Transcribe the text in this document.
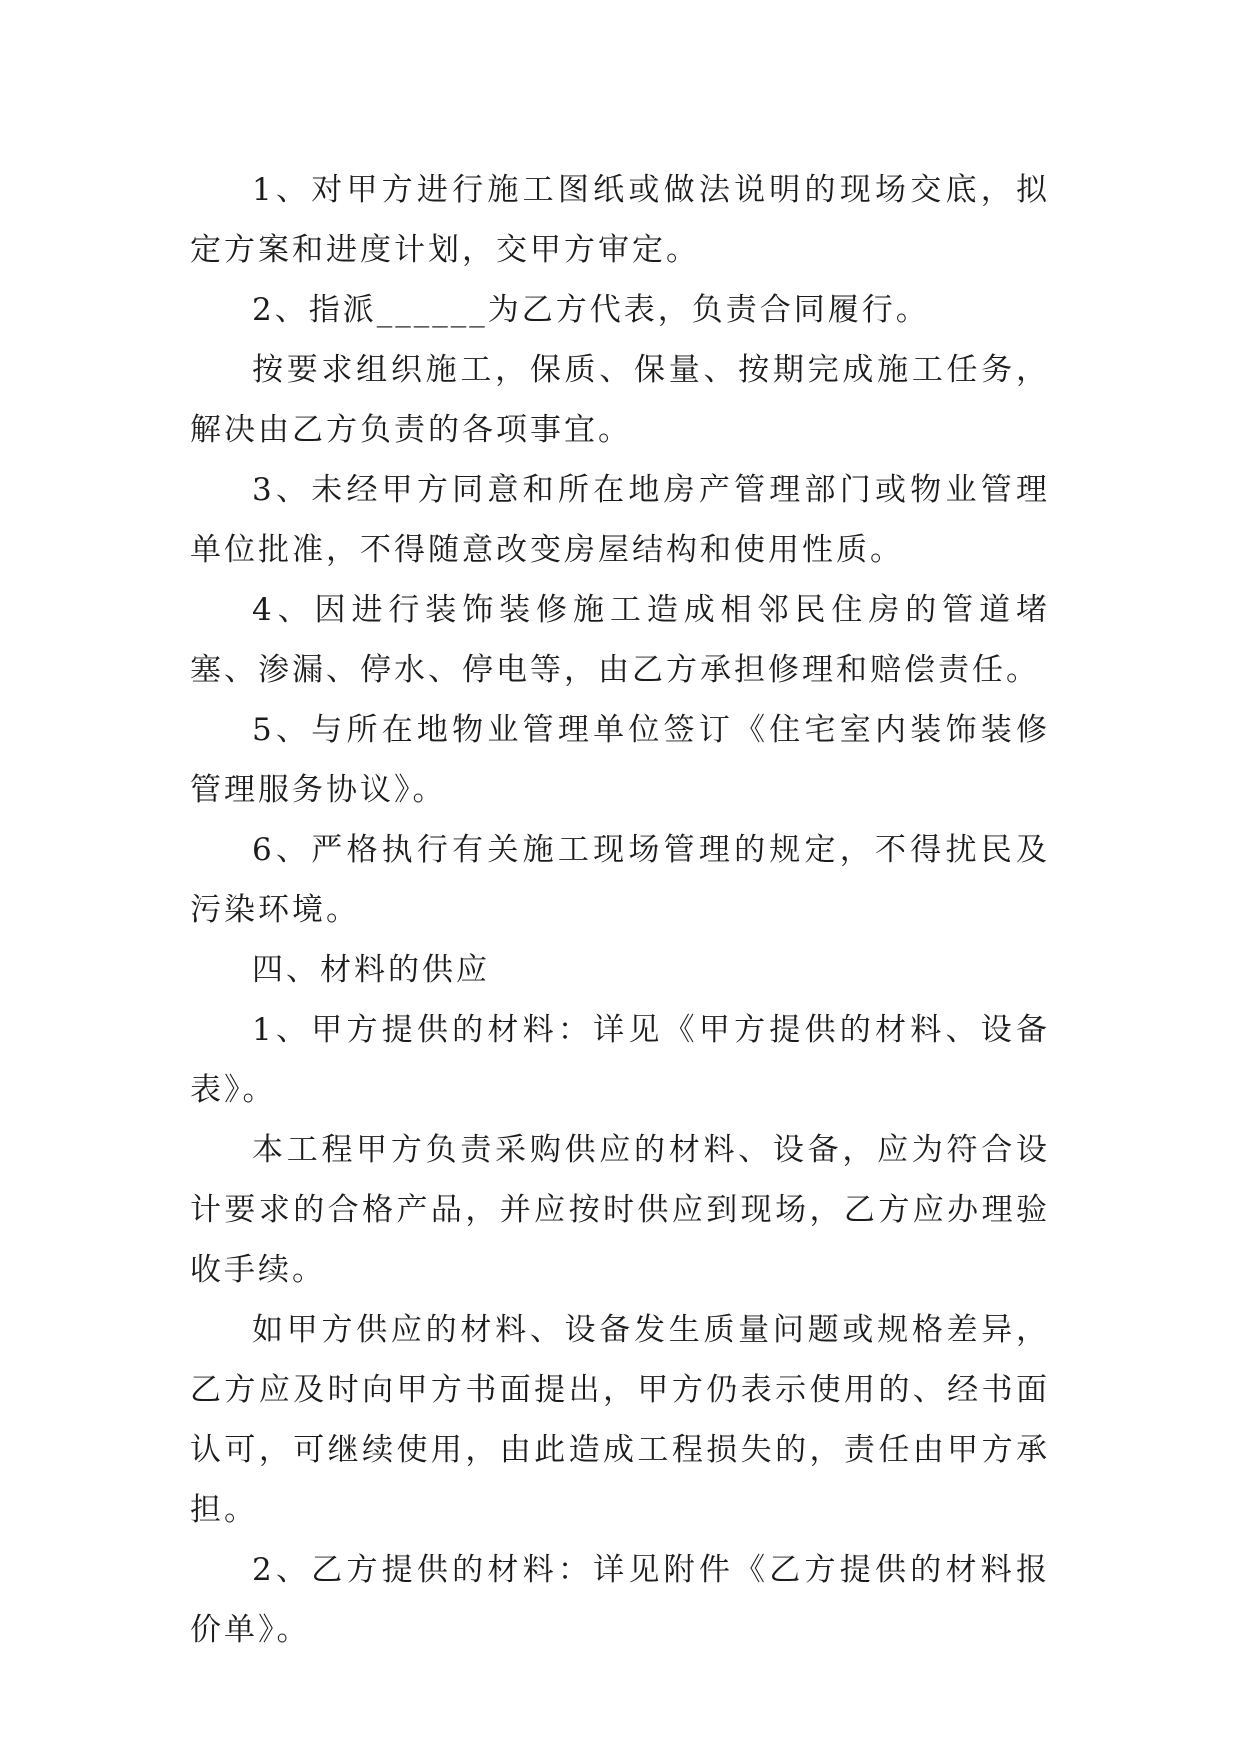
1、对甲方进行施工图纸或做法说明的现场交底，拟定方案和进度计划，交甲方审定。

2、指派______为乙方代表，负责合同履行。

按要求组织施工，保质、保量、按期完成施工任务，解决由乙方负责的各项事宜。

3、未经甲方同意和所在地房产管理部门或物业管理单位批准，不得随意改变房屋结构和使用性质。

4、因进行装饰装修施工造成相邻民住房的管道堵塞、渗漏、停水、停电等，由乙方承担修理和赔偿责任。

5、与所在地物业管理单位签订《住宅室内装饰装修管理服务协议》。

6、严格执行有关施工现场管理的规定，不得扰民及污染环境。

四、材料的供应

1、甲方提供的材料：详见《甲方提供的材料、设备表》。

本工程甲方负责采购供应的材料、设备，应为符合设计要求的合格产品，并应按时供应到现场，乙方应办理验收手续。

如甲方供应的材料、设备发生质量问题或规格差异，乙方应及时向甲方书面提出，甲方仍表示使用的、经书面认可，可继续使用，由此造成工程损失的，责任由甲方承担。

2、乙方提供的材料：详见附件《乙方提供的材料报价单》。
